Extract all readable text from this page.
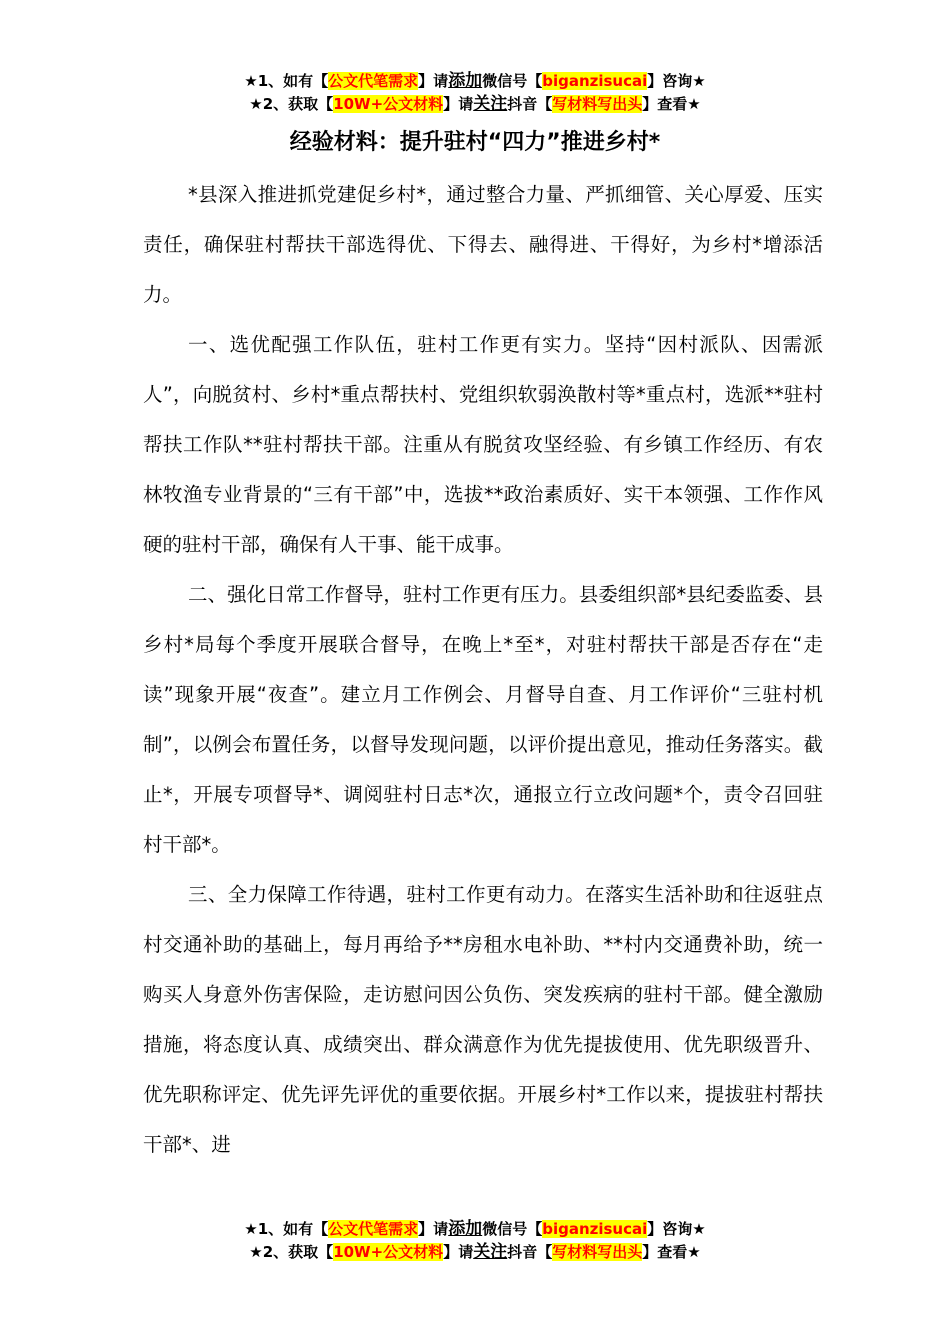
★1、如有【公文代笔需求】请添加微信号【biganzisucai】咨询★
★2、获取【10W+公文材料】请关注抖音【写材料写出头】查看★
经验材料：提升驻村“四力”推进乡村*

*县深入推进抓党建促乡村*，通过整合力量、严抓细管、关心厚爱、压实责任，确保驻村帮扶干部选得优、下得去、融得进、干得好，为乡村*增添活力。

一、选优配强工作队伍，驻村工作更有实力。坚持“因村派队、因需派人”，向脱贫村、乡村*重点帮扶村、党组织软弱涣散村等*重点村，选派**驻村帮扶工作队**驻村帮扶干部。注重从有脱贫攻坚经验、有乡镇工作经历、有农林牧渔专业背景的“三有干部”中，选拔**政治素质好、实干本领强、工作作风硬的驻村干部，确保有人干事、能干成事。

二、强化日常工作督导，驻村工作更有压力。县委组织部*县纪委监委、县乡村*局每个季度开展联合督导，在晚上*至*，对驻村帮扶干部是否存在“走读”现象开展“夜查”。建立月工作例会、月督导自查、月工作评价“三驻村机制”，以例会布置任务，以督导发现问题，以评价提出意见，推动任务落实。截止*，开展专项督导*、调阅驻村日志*次，通报立行立改问题*个，责令召回驻村干部*。

三、全力保障工作待遇，驻村工作更有动力。在落实生活补助和往返驻点村交通补助的基础上，每月再给予**房租水电补助、**村内交通费补助，统一购买人身意外伤害保险，走访慰问因公负伤、突发疾病的驻村干部。健全激励措施，将态度认真、成绩突出、群众满意作为优先提拔使用、优先职级晋升、优先职称评定、优先评先评优的重要依据。开展乡村*工作以来，提拔驻村帮扶干部*、进

★1、如有【公文代笔需求】请添加微信号【biganzisucai】咨询★
★2、获取【10W+公文材料】请关注抖音【写材料写出头】查看★
